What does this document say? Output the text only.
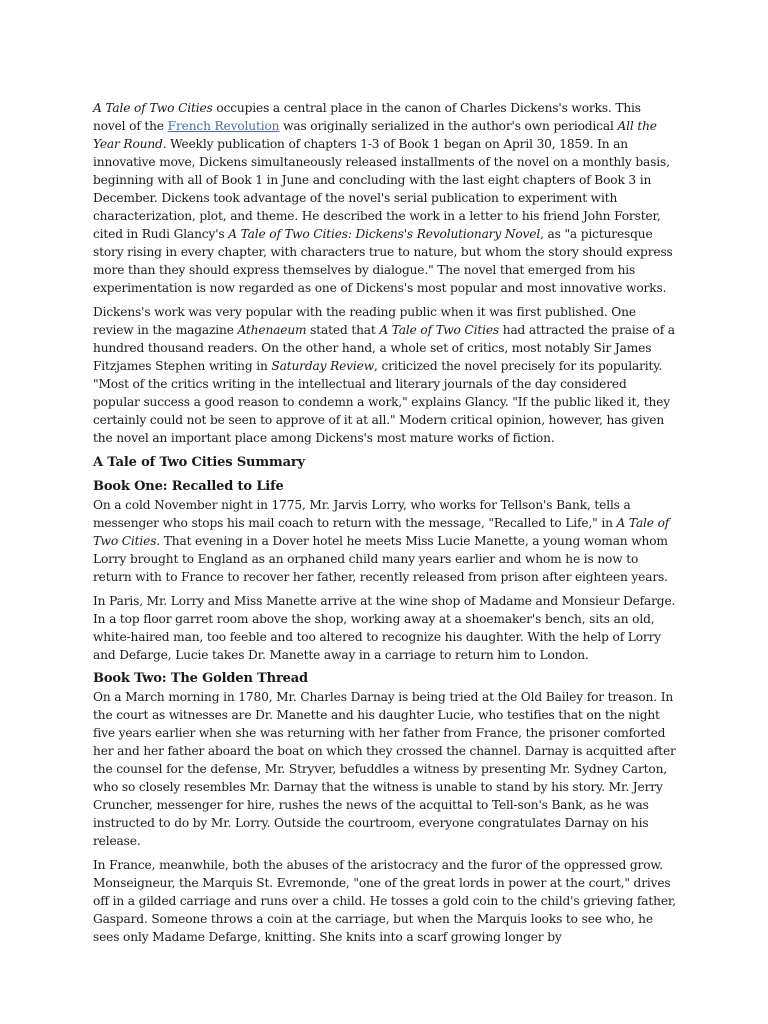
A Tale of Two Cities occupies a central place in the canon of Charles Dickens's works. This novel of the French Revolution was originally serialized in the author's own periodical All the Year Round. Weekly publication of chapters 1-3 of Book 1 began on April 30, 1859. In an innovative move, Dickens simultaneously released installments of the novel on a monthly basis, beginning with all of Book 1 in June and concluding with the last eight chapters of Book 3 in December. Dickens took advantage of the novel's serial publication to experiment with characterization, plot, and theme. He described the work in a letter to his friend John Forster, cited in Rudi Glancy's A Tale of Two Cities: Dickens's Revolutionary Novel, as "a picturesque story rising in every chapter, with characters true to nature, but whom the story should express more than they should express themselves by dialogue." The novel that emerged from his experimentation is now regarded as one of Dickens's most popular and most innovative works.

Dickens's work was very popular with the reading public when it was first published. One review in the magazine Athenaeum stated that A Tale of Two Cities had attracted the praise of a hundred thousand readers. On the other hand, a whole set of critics, most notably Sir James Fitzjames Stephen writing in Saturday Review, criticized the novel precisely for its popularity. "Most of the critics writing in the intellectual and literary journals of the day considered popular success a good reason to condemn a work," explains Glancy. "If the public liked it, they certainly could not be seen to approve of it at all." Modern critical opinion, however, has given the novel an important place among Dickens's most mature works of fiction.

A Tale of Two Cities Summary
Book One: Recalled to Life

On a cold November night in 1775, Mr. Jarvis Lorry, who works for Tellson's Bank, tells a messenger who stops his mail coach to return with the message, "Recalled to Life," in A Tale of Two Cities. That evening in a Dover hotel he meets Miss Lucie Manette, a young woman whom Lorry brought to England as an orphaned child many years earlier and whom he is now to return with to France to recover her father, recently released from prison after eighteen years.

In Paris, Mr. Lorry and Miss Manette arrive at the wine shop of Madame and Monsieur Defarge. In a top floor garret room above the shop, working away at a shoemaker's bench, sits an old, white-haired man, too feeble and too altered to recognize his daughter. With the help of Lorry and Defarge, Lucie takes Dr. Manette away in a carriage to return him to London.

Book Two: The Golden Thread

On a March morning in 1780, Mr. Charles Darnay is being tried at the Old Bailey for treason. In the court as witnesses are Dr. Manette and his daughter Lucie, who testifies that on the night five years earlier when she was returning with her father from France, the prisoner comforted her and her father aboard the boat on which they crossed the channel. Darnay is acquitted after the counsel for the defense, Mr. Stryver, befuddles a witness by presenting Mr. Sydney Carton, who so closely resembles Mr. Darnay that the witness is unable to stand by his story. Mr. Jerry Cruncher, messenger for hire, rushes the news of the acquittal to Tell-son's Bank, as he was instructed to do by Mr. Lorry. Outside the courtroom, everyone congratulates Darnay on his release.

In France, meanwhile, both the abuses of the aristocracy and the furor of the oppressed grow. Monseigneur, the Marquis St. Evremonde, "one of the great lords in power at the court," drives off in a gilded carriage and runs over a child. He tosses a gold coin to the child's grieving father, Gaspard. Someone throws a coin at the carriage, but when the Marquis looks to see who, he sees only Madame Defarge, knitting. She knits into a scarf growing longer by
